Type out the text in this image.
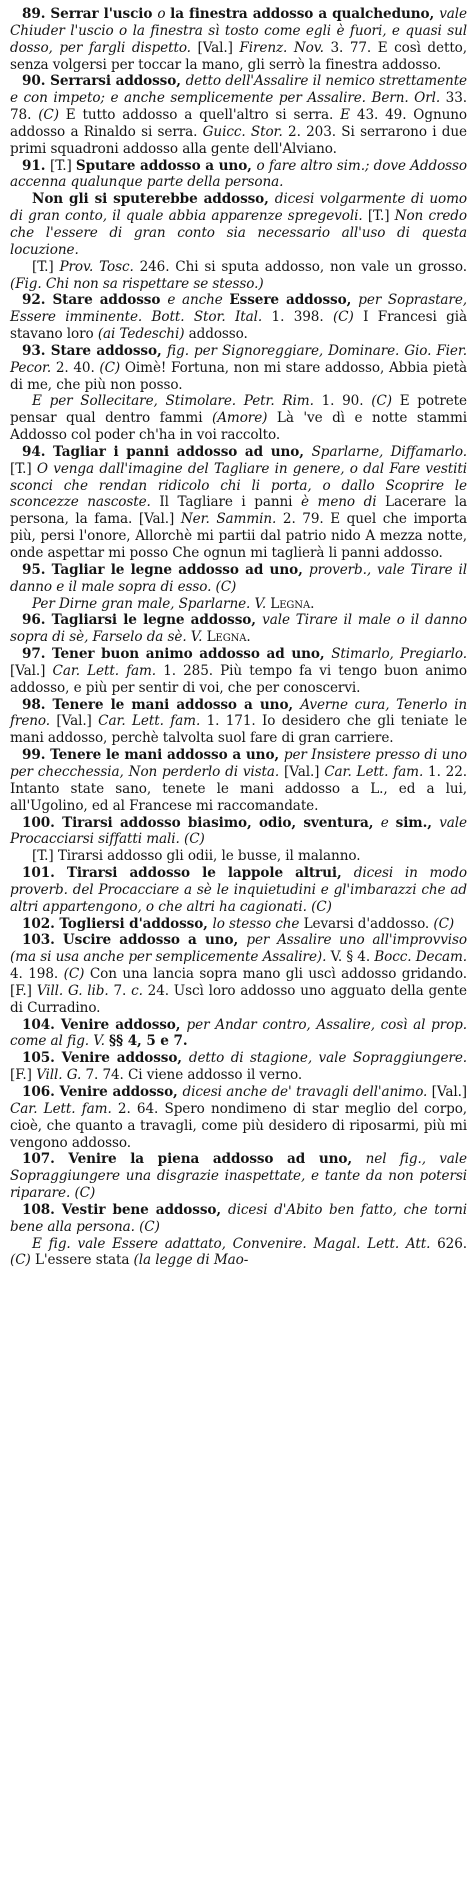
89. Serrar l'uscio o la finestra addosso a qualcheduno, vale Chiuder l'uscio o la finestra sì tosto come egli è fuori, e quasi sul dosso, per fargli dispetto. [Val.] Firenz. Nov. 3. 77. E così detto, senza volgersi per toccar la mano, gli serrò la finestra addosso.

90. Serrarsi addosso, detto dell'Assalire il nemico strettamente e con impeto; e anche semplicemente per Assalire. Bern. Orl. 33. 78. (C) E tutto addosso a quell'altro si serra. E 43. 49. Ognuno addosso a Rinaldo si serra. Guicc. Stor. 2. 203. Si serrarono i due primi squadroni addosso alla gente dell'Alviano.

91. [T.] Sputare addosso a uno, o fare altro sim.; dove Addosso accenna qualunque parte della persona.

Non gli si sputerebbe addosso, dicesi volgarmente di uomo di gran conto, il quale abbia apparenze spregevoli. [T.] Non credo che l'essere di gran conto sia necessario all'uso di questa locuzione.

[T.] Prov. Tosc. 246. Chi si sputa addosso, non vale un grosso. (Fig. Chi non sa rispettare se stesso.)

92. Stare addosso e anche Essere addosso, per Soprastare, Essere imminente. Bott. Stor. Ital. 1. 398. (C) I Francesi già stavano loro (ai Tedeschi) addosso.

93. Stare addosso, fig. per Signoreggiare, Dominare. Gio. Fier. Pecor. 2. 40. (C) Oimè! Fortuna, non mi stare addosso, Abbia pietà di me, che più non posso.

E per Sollecitare, Stimolare. Petr. Rim. 1. 90. (C) E potrete pensar qual dentro fammi (Amore) Là 've dì e notte stammi Addosso col poder ch'ha in voi raccolto.

94. Tagliar i panni addosso ad uno, Sparlarne, Diffamarlo. [T.] O venga dall'imagine del Tagliare in genere, o dal Fare vestiti sconci che rendan ridicolo chi li porta, o dallo Scoprire le sconcezze nascoste. Il Tagliare i panni è meno di Lacerare la persona, la fama. [Val.] Ner. Sammin. 2. 79. E quel che importa più, persi l'onore, Allorchè mi partii dal patrio nido A mezza notte, onde aspettar mi posso Che ognun mi taglierà li panni addosso.

95. Tagliar le legne addosso ad uno, proverb., vale Tirare il danno e il male sopra di esso. (C)

Per Dirne gran male, Sparlarne. V. Legna.

96. Tagliarsi le legne addosso, vale Tirare il male o il danno sopra di sè, Farselo da sè. V. Legna.

97. Tener buon animo addosso ad uno, Stimarlo, Pregiarlo. [Val.] Car. Lett. fam. 1. 285. Più tempo fa vi tengo buon animo addosso, e più per sentir di voi, che per conoscervi.

98. Tenere le mani addosso a uno, Averne cura, Tenerlo in freno. [Val.] Car. Lett. fam. 1. 171. Io desidero che gli teniate le mani addosso, perchè talvolta suol fare di gran carriere.

99. Tenere le mani addosso a uno, per Insistere presso di uno per checchessia, Non perderlo di vista. [Val.] Car. Lett. fam. 1. 22. Intanto state sano, tenete le mani addosso a L., ed a lui, all'Ugolino, ed al Francese mi raccomandate.

100. Tirarsi addosso biasimo, odio, sventura, e sim., vale Procacciarsi siffatti mali. (C)

[T.] Tirarsi addosso gli odii, le busse, il malanno.

101. Tirarsi addosso le lappole altrui, dicesi in modo proverb. del Procacciare a sè le inquietudini e gl'imbarazzi che ad altri appartengono, o che altri ha cagionati. (C)

102. Togliersi d'addosso, lo stesso che Levarsi d'addosso. (C)

103. Uscire addosso a uno, per Assalire uno all'improvviso (ma si usa anche per semplicemente Assalire). V. § 4. Bocc. Decam. 4. 198. (C) Con una lancia sopra mano gli uscì addosso gridando. [F.] Vill. G. lib. 7. c. 24. Uscì loro addosso uno agguato della gente di Curradino.

104. Venire addosso, per Andar contro, Assalire, così al prop. come al fig. V. §§ 4, 5 e 7.

105. Venire addosso, detto di stagione, vale Sopraggiungere. [F.] Vill. G. 7. 74. Ci viene addosso il verno.

106. Venire addosso, dicesi anche de' travagli dell'animo. [Val.] Car. Lett. fam. 2. 64. Spero nondimeno di star meglio del corpo, cioè, che quanto a travagli, come più desidero di riposarmi, più mi vengono addosso.

107. Venire la piena addosso ad uno, nel fig., vale Sopraggiungere una disgrazie inaspettate, e tante da non potersi riparare. (C)

108. Vestir bene addosso, dicesi d'Abito ben fatto, che torni bene alla persona. (C)

E fig. vale Essere adattato, Convenire. Magal. Lett. Att. 626. (C) L'essere stata (la legge di Mao-
